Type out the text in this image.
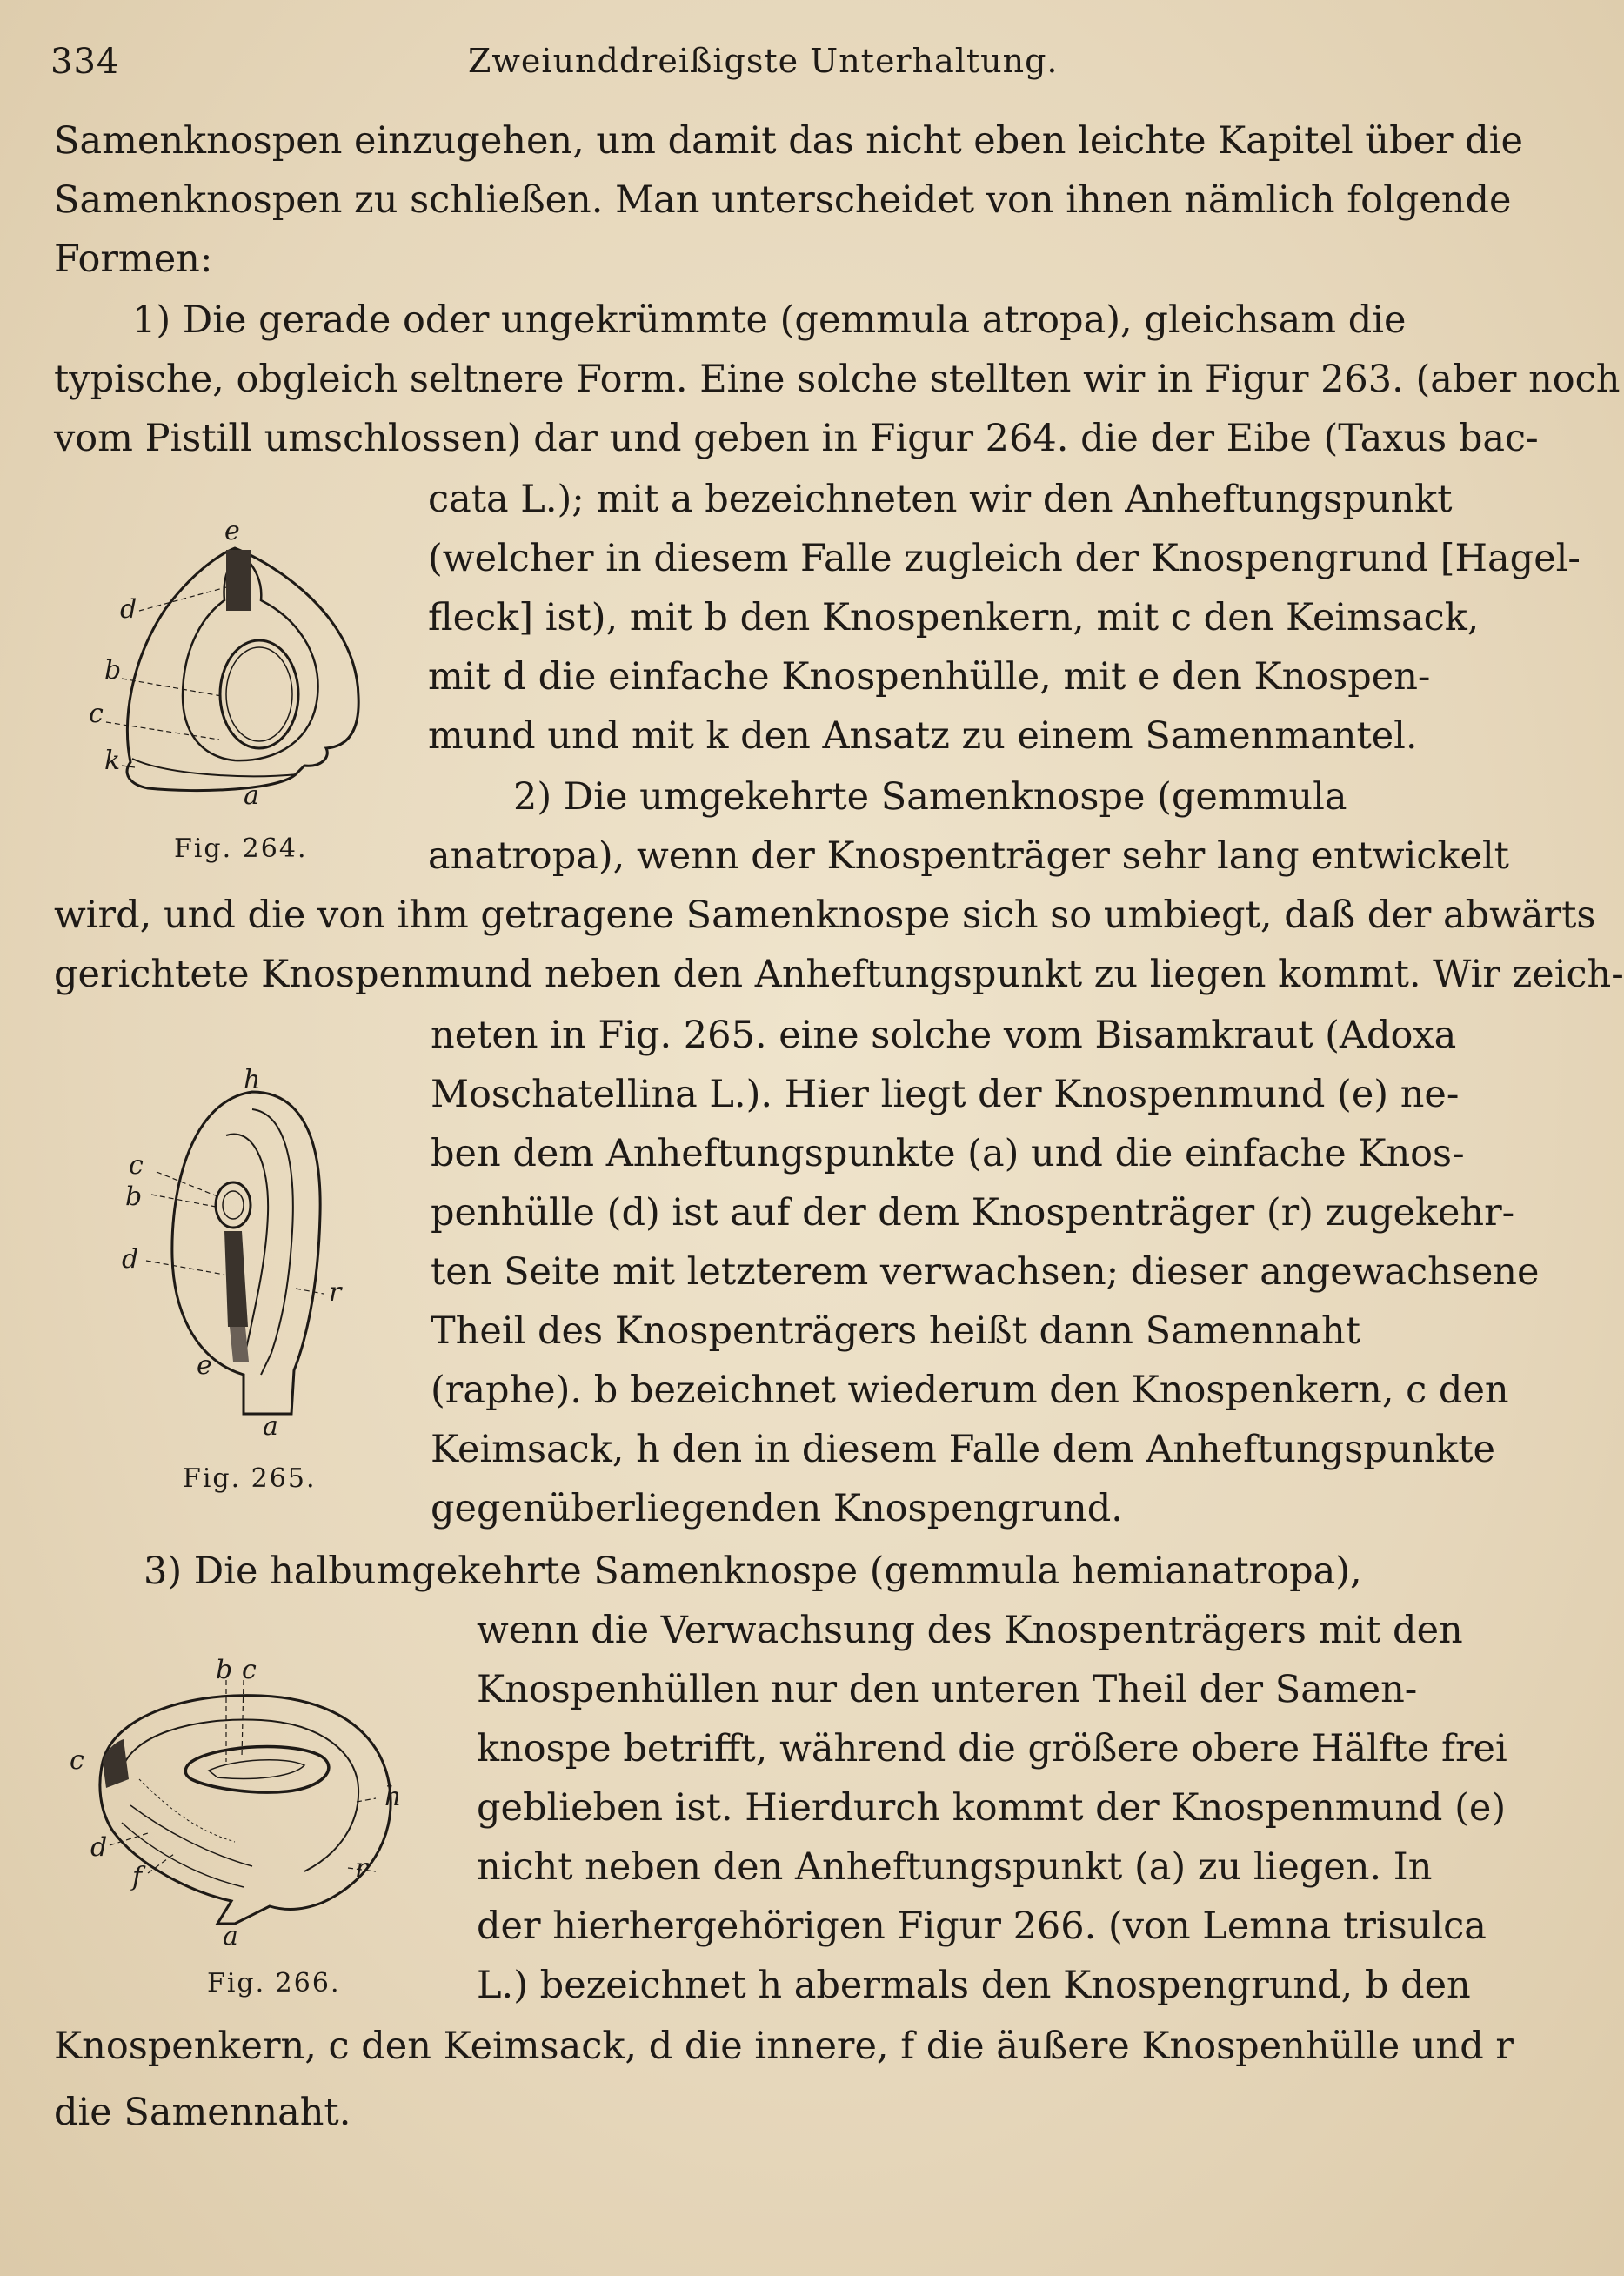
334	Zweiunddreißigste Unterhaltung.
Samenknospen einzugehen, um damit das nicht eben leichte Kapitel über die
Samenknospen zu schließen. Man unterscheidet von ihnen nämlich folgende
Formen:
1) Die gerade oder ungekrümmte (gemmula atropa), gleichsam die
typische, obgleich seltnere Form. Eine solche stellten wir in Figur 263. (aber noch
vom Pistill umschlossen) dar und geben in Figur 264. die der Eibe (Taxus bac-
cata L.); mit a bezeichneten wir den Anheftungspunkt
(welcher in diesem Falle zugleich der Knospengrund [Hagel-
fleck] ist), mit b den Knospenkern, mit c den Keimsack,
mit d die einfache Knospenhülle, mit e den Knospen-
mund und mit k den Ansatz zu einem Samenmantel.
2) Die umgekehrte Samenknospe (gemmula
anatropa), wenn der Knospenträger sehr lang entwickelt
wird, und die von ihm getragene Samenknospe sich so umbiegt, daß der abwärts
gerichtete Knospenmund neben den Anheftungspunkt zu liegen kommt. Wir zeich-
neten in Fig. 265. eine solche vom Bisamkraut (Adoxa
Moschatellina L.). Hier liegt der Knospenmund (e) ne-
ben dem Anheftungspunkte (a) und die einfache Knos-
penhülle (d) ist auf der dem Knospenträger (r) zugekehr-
ten Seite mit letzterem verwachsen; dieser angewachsene
Theil des Knospenträgers heißt dann Samennaht
(raphe). b bezeichnet wiederum den Knospenkern, c den
Keimsack, h den in diesem Falle dem Anheftungspunkte
gegenüberliegenden Knospengrund.
3) Die halbumgekehrte Samenknospe (gemmula hemianatropa),
wenn die Verwachsung des Knospenträgers mit den
Knospenhüllen nur den unteren Theil der Samen-
knospe betrifft, während die größere obere Hälfte frei
geblieben ist. Hierdurch kommt der Knospenmund (e)
nicht neben den Anheftungspunkt (a) zu liegen. In
der hierhergehörigen Figur 266. (von Lemna trisulca
L.) bezeichnet h abermals den Knospengrund, b den
Knospenkern, c den Keimsack, d die innere, f die äußere Knospenhülle und r
die Samennaht.
e
d
b
c
k
a
Fig. 264.
h
c
b
d
r
e
a
Fig. 265.
b c
c
h
d
f	r
a
Fig. 266.
